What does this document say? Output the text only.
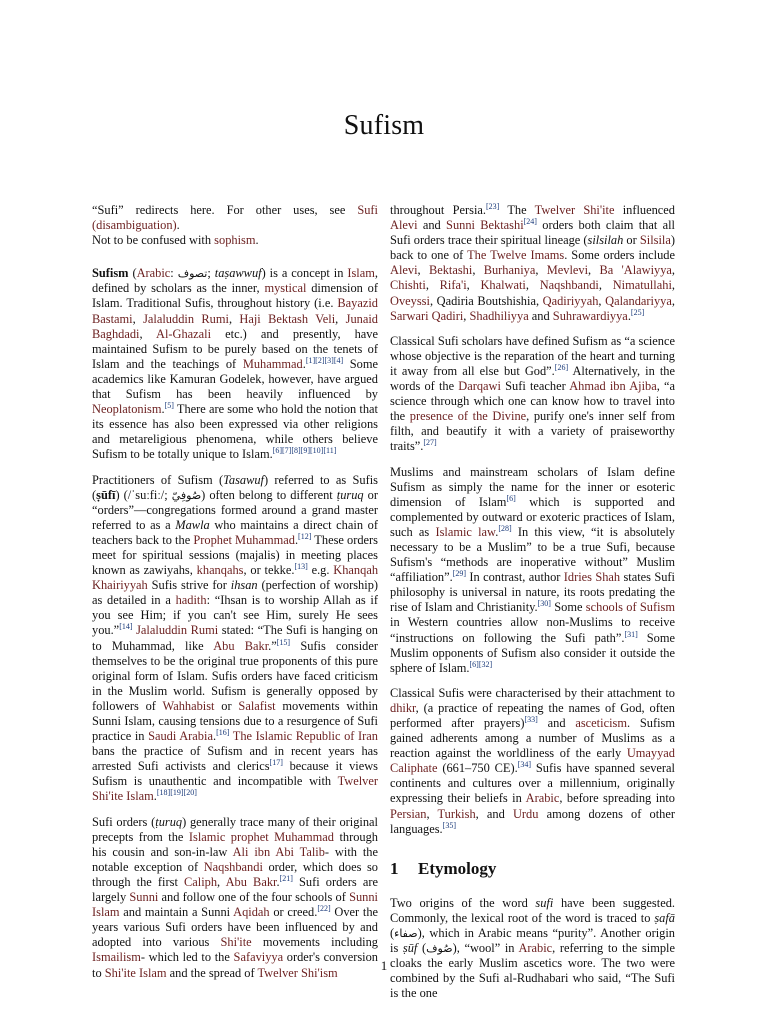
Sufism

“Sufi” redirects here. For other uses, see Sufi (disambiguation).

Not to be confused with sophism.

Sufism (Arabic: تصوف; taṣawwuf) is a concept in Islam, defined by scholars as the inner, mystical dimension of Islam. Traditional Sufis, throughout history (i.e. Bayazid Bastami, Jalaluddin Rumi, Haji Bektash Veli, Junaid Baghdadi, Al-Ghazali etc.) and presently, have maintained Sufism to be purely based on the tenets of Islam and the teachings of Muhammad.[1][2][3][4] Some academics like Kamuran Godelek, however, have argued that Sufism has been heavily influenced by Neoplatonism.[5] There are some who hold the notion that its essence has also been expressed via other religions and metareligious phenomena, while others believe Sufism to be totally unique to Islam.[6][7][8][9][10][11]

Practitioners of Sufism (Tasawuf) referred to as Sufis (ṣūfī) (/ˈsuːfiː/; صُوفِيّ) often belong to different ṭuruq or “orders”—congregations formed around a grand master referred to as a Mawla who maintains a direct chain of teachers back to the Prophet Muhammad.[12] These orders meet for spiritual sessions (majalis) in meeting places known as zawiyahs, khanqahs, or tekke.[13] e.g. Khanqah Khairiyyah Sufis strive for ihsan (perfection of worship) as detailed in a hadith: “Ihsan is to worship Allah as if you see Him; if you can't see Him, surely He sees you.”[14] Jalaluddin Rumi stated: “The Sufi is hanging on to Muhammad, like Abu Bakr.”[15] Sufis consider themselves to be the original true proponents of this pure original form of Islam. Sufis orders have faced criticism in the Muslim world. Sufism is generally opposed by followers of Wahhabist or Salafist movements within Sunni Islam, causing tensions due to a resurgence of Sufi practice in Saudi Arabia.[16] The Islamic Republic of Iran bans the practice of Sufism and in recent years has arrested Sufi activists and clerics[17] because it views Sufism is unauthentic and incompatible with Twelver Shi'ite Islam.[18][19][20]

Sufi orders (ṭuruq) generally trace many of their original precepts from the Islamic prophet Muhammad through his cousin and son-in-law Ali ibn Abi Talib- with the notable exception of Naqshbandi order, which does so through the first Caliph, Abu Bakr.[21] Sufi orders are largely Sunni and follow one of the four schools of Sunni Islam and maintain a Sunni Aqidah or creed.[22] Over the years various Sufi orders have been influenced by and adopted into various Shi'ite movements including Ismailism- which led to the Safaviyya order's conversion to Shi'ite Islam and the spread of Twelver Shi'ism

throughout Persia.[23] The Twelver Shi'ite influenced Alevi and Sunni Bektashi[24] orders both claim that all Sufi orders trace their spiritual lineage (silsilah or Silsila) back to one of The Twelve Imams. Some orders include Alevi, Bektashi, Burhaniya, Mevlevi, Ba 'Alawiyya, Chishti, Rifa'i, Khalwati, Naqshbandi, Nimatullahi, Oveyssi, Qadiria Boutshishia, Qadiriyyah, Qalandariyya, Sarwari Qadiri, Shadhiliyya and Suhrawardiyya.[25]

Classical Sufi scholars have defined Sufism as “a science whose objective is the reparation of the heart and turning it away from all else but God”.[26] Alternatively, in the words of the Darqawi Sufi teacher Ahmad ibn Ajiba, “a science through which one can know how to travel into the presence of the Divine, purify one's inner self from filth, and beautify it with a variety of praiseworthy traits”.[27]

Muslims and mainstream scholars of Islam define Sufism as simply the name for the inner or esoteric dimension of Islam[6] which is supported and complemented by outward or exoteric practices of Islam, such as Islamic law.[28] In this view, “it is absolutely necessary to be a Muslim” to be a true Sufi, because Sufism's “methods are inoperative without” Muslim “affiliation”.[29] In contrast, author Idries Shah states Sufi philosophy is universal in nature, its roots predating the rise of Islam and Christianity.[30] Some schools of Sufism in Western countries allow non-Muslims to receive “instructions on following the Sufi path”.[31] Some Muslim opponents of Sufism also consider it outside the sphere of Islam.[6][32]

Classical Sufis were characterised by their attachment to dhikr, (a practice of repeating the names of God, often performed after prayers)[33] and asceticism. Sufism gained adherents among a number of Muslims as a reaction against the worldliness of the early Umayyad Caliphate (661–750 CE).[34] Sufis have spanned several continents and cultures over a millennium, originally expressing their beliefs in Arabic, before spreading into Persian, Turkish, and Urdu among dozens of other languages.[35]

1 Etymology

Two origins of the word sufi have been suggested. Commonly, the lexical root of the word is traced to ṣafā (صفاء), which in Arabic means “purity”. Another origin is ṣūf (صُوف), “wool” in Arabic, referring to the simple cloaks the early Muslim ascetics wore. The two were combined by the Sufi al-Rudhabari who said, “The Sufi is the one

1
